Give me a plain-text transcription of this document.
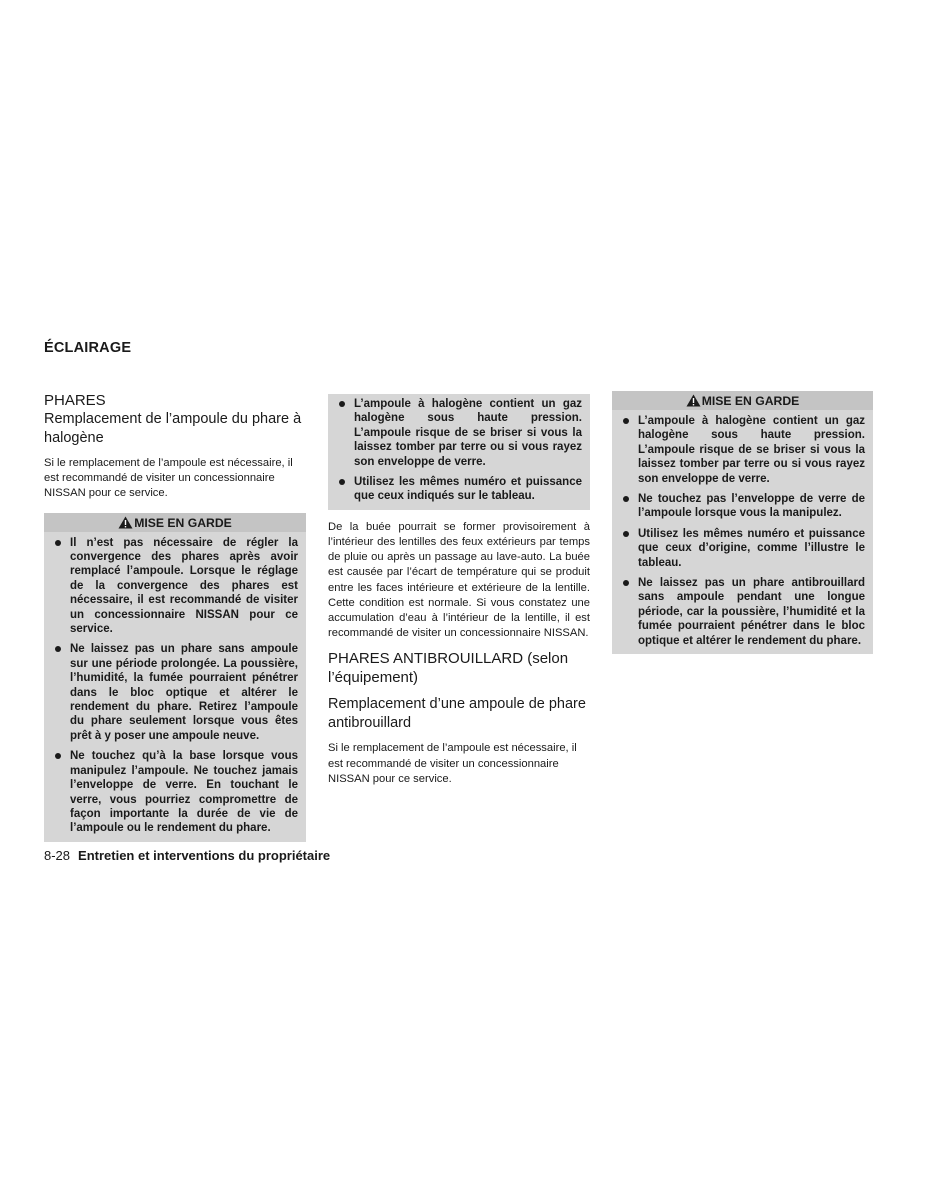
ÉCLAIRAGE
PHARES
Remplacement de l’ampoule du phare à halogène

Si le remplacement de l’ampoule est nécessaire, il est recommandé de visiter un concessionnaire NISSAN pour ce service.

MISE EN GARDE
Il n’est pas nécessaire de régler la convergence des phares après avoir remplacé l’ampoule. Lorsque le réglage de la convergence des phares est nécessaire, il est recommandé de visiter un concessionnaire NISSAN pour ce service.
Ne laissez pas un phare sans ampoule sur une période prolongée. La poussière, l’humidité, la fumée pourraient pénétrer dans le bloc optique et altérer le rendement du phare. Retirez l’ampoule du phare seulement lorsque vous êtes prêt à y poser une ampoule neuve.
Ne touchez qu’à la base lorsque vous manipulez l’ampoule. Ne touchez jamais l’enveloppe de verre. En touchant le verre, vous pourriez compromettre de façon importante la durée de vie de l’ampoule ou le rendement du phare.
L’ampoule à halogène contient un gaz halogène sous haute pression. L’ampoule risque de se briser si vous la laissez tomber par terre ou si vous rayez son enveloppe de verre.
Utilisez les mêmes numéro et puissance que ceux indiqués sur le tableau.

De la buée pourrait se former provisoirement à l’intérieur des lentilles des feux extérieurs par temps de pluie ou après un passage au lave-auto. La buée est causée par l’écart de température qui se produit entre les faces intérieure et extérieure de la lentille. Cette condition est normale. Si vous constatez une accumulation d’eau à l’intérieur de la lentille, il est recommandé de visiter un concessionnaire NISSAN.

PHARES ANTIBROUILLARD (selon l’équipement)
Remplacement d’une ampoule de phare antibrouillard

Si le remplacement de l’ampoule est nécessaire, il est recommandé de visiter un concessionnaire NISSAN pour ce service.

MISE EN GARDE
L’ampoule à halogène contient un gaz halogène sous haute pression. L’ampoule risque de se briser si vous la laissez tomber par terre ou si vous rayez son enveloppe de verre.
Ne touchez pas l’enveloppe de verre de l’ampoule lorsque vous la manipulez.
Utilisez les mêmes numéro et puissance que ceux d’origine, comme l’illustre le tableau.
Ne laissez pas un phare antibrouillard sans ampoule pendant une longue période, car la poussière, l’humidité et la fumée pourraient pénétrer dans le bloc optique et altérer le rendement du phare.
8-28 Entretien et interventions du propriétaire
